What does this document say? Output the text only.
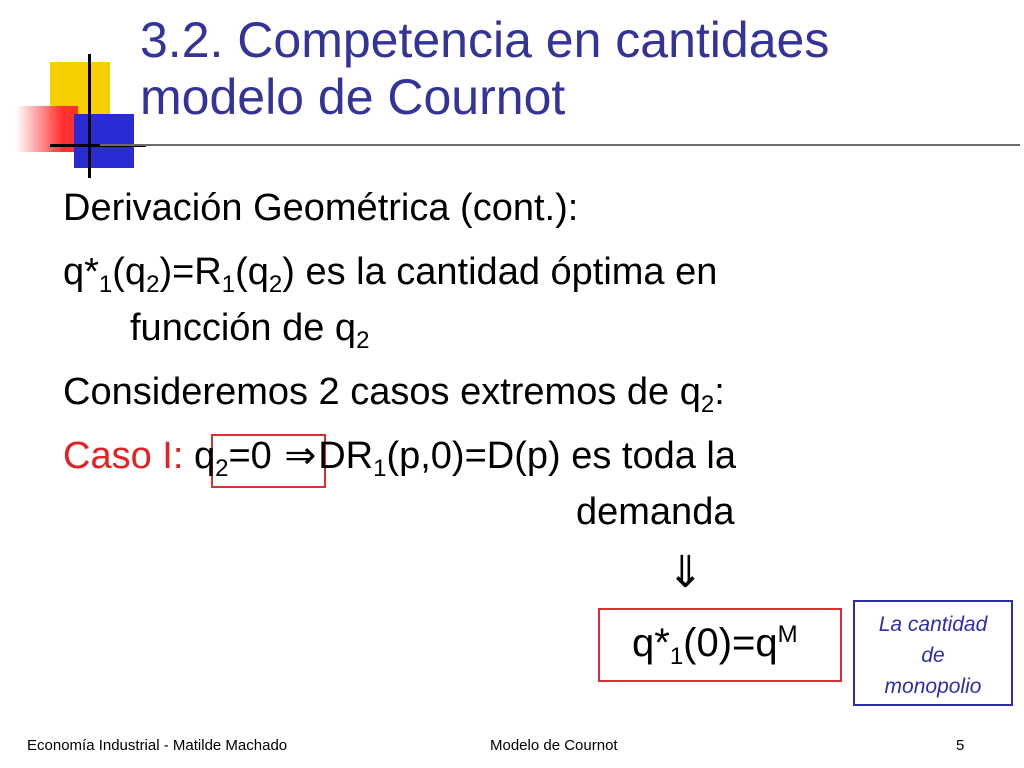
3.2. Competencia en cantidaes
modelo de Cournot
Derivación Geométrica (cont.):
$q*_1(q_2)=R_1(q_2)$ es la cantidad óptima en
funcción de $q_2$
Consideremos 2 casos extremos de $q_2$:
Caso I: $q_2=0$ $\Rightarrow DR_1(p,0)=D(p)$ es toda la
demanda
⇓
$q*_1(0)=q^M$	La cantidad
de
monopolio
Economía Industrial - Matilde Machado	Modelo de Cournot	5
